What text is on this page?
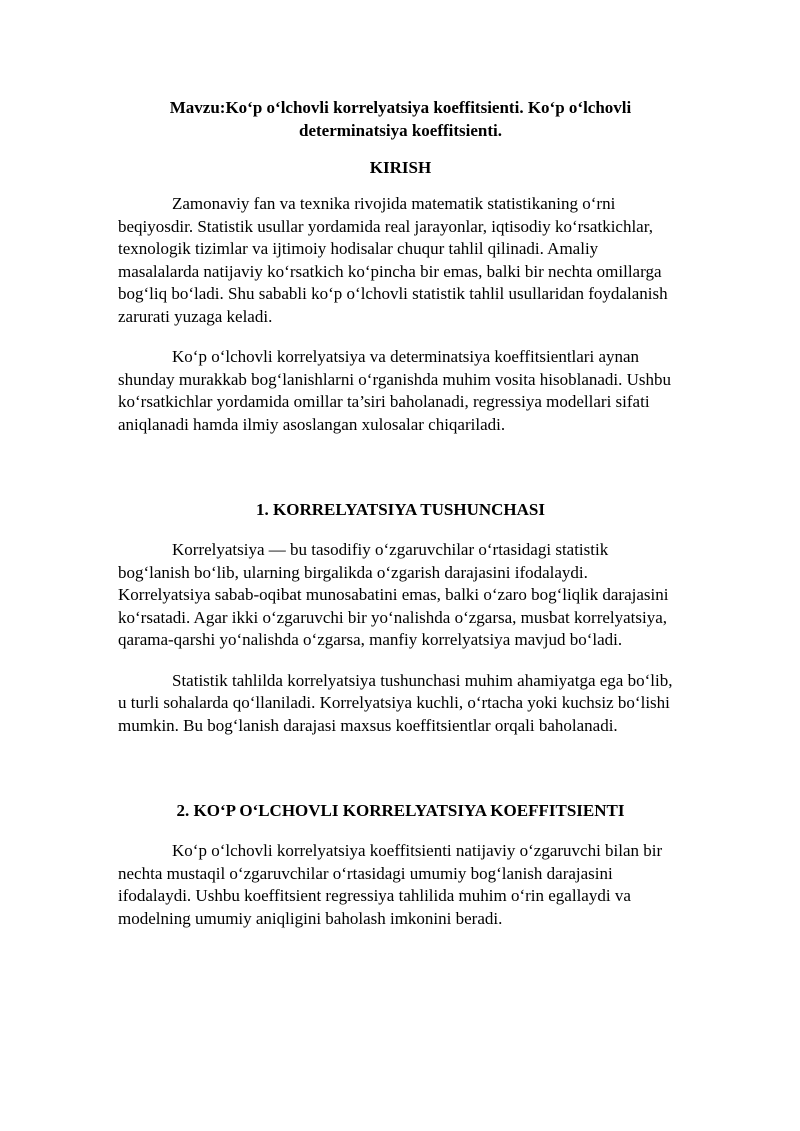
Mavzu:Ko‘p o‘lchovli korrelyatsiya koeffitsienti. Ko‘p o‘lchovli determinatsiya koeffitsienti.

KIRISH

Zamonaviy fan va texnika rivojida matematik statistikaning o‘rni beqiyosdir. Statistik usullar yordamida real jarayonlar, iqtisodiy ko‘rsatkichlar, texnologik tizimlar va ijtimoiy hodisalar chuqur tahlil qilinadi. Amaliy masalalarda natijaviy ko‘rsatkich ko‘pincha bir emas, balki bir nechta omillarga bog‘liq bo‘ladi. Shu sababli ko‘p o‘lchovli statistik tahlil usullaridan foydalanish zarurati yuzaga keladi.

Ko‘p o‘lchovli korrelyatsiya va determinatsiya koeffitsientlari aynan shunday murakkab bog‘lanishlarni o‘rganishda muhim vosita hisoblanadi. Ushbu ko‘rsatkichlar yordamida omillar ta’siri baholanadi, regressiya modellari sifati aniqlanadi hamda ilmiy asoslangan xulosalar chiqariladi.

1. KORRELYATSIYA TUSHUNCHASI

Korrelyatsiya — bu tasodifiy o‘zgaruvchilar o‘rtasidagi statistik bog‘lanish bo‘lib, ularning birgalikda o‘zgarish darajasini ifodalaydi. Korrelyatsiya sabab-oqibat munosabatini emas, balki o‘zaro bog‘liqlik darajasini ko‘rsatadi. Agar ikki o‘zgaruvchi bir yo‘nalishda o‘zgarsa, musbat korrelyatsiya, qarama-qarshi yo‘nalishda o‘zgarsa, manfiy korrelyatsiya mavjud bo‘ladi.

Statistik tahlilda korrelyatsiya tushunchasi muhim ahamiyatga ega bo‘lib, u turli sohalarda qo‘llaniladi. Korrelyatsiya kuchli, o‘rtacha yoki kuchsiz bo‘lishi mumkin. Bu bog‘lanish darajasi maxsus koeffitsientlar orqali baholanadi.

2. KO‘P O‘LCHOVLI KORRELYATSIYA KOEFFITSIENTI

Ko‘p o‘lchovli korrelyatsiya koeffitsienti natijaviy o‘zgaruvchi bilan bir nechta mustaqil o‘zgaruvchilar o‘rtasidagi umumiy bog‘lanish darajasini ifodalaydi. Ushbu koeffitsient regressiya tahlilida muhim o‘rin egallaydi va modelning umumiy aniqligini baholash imkonini beradi.
